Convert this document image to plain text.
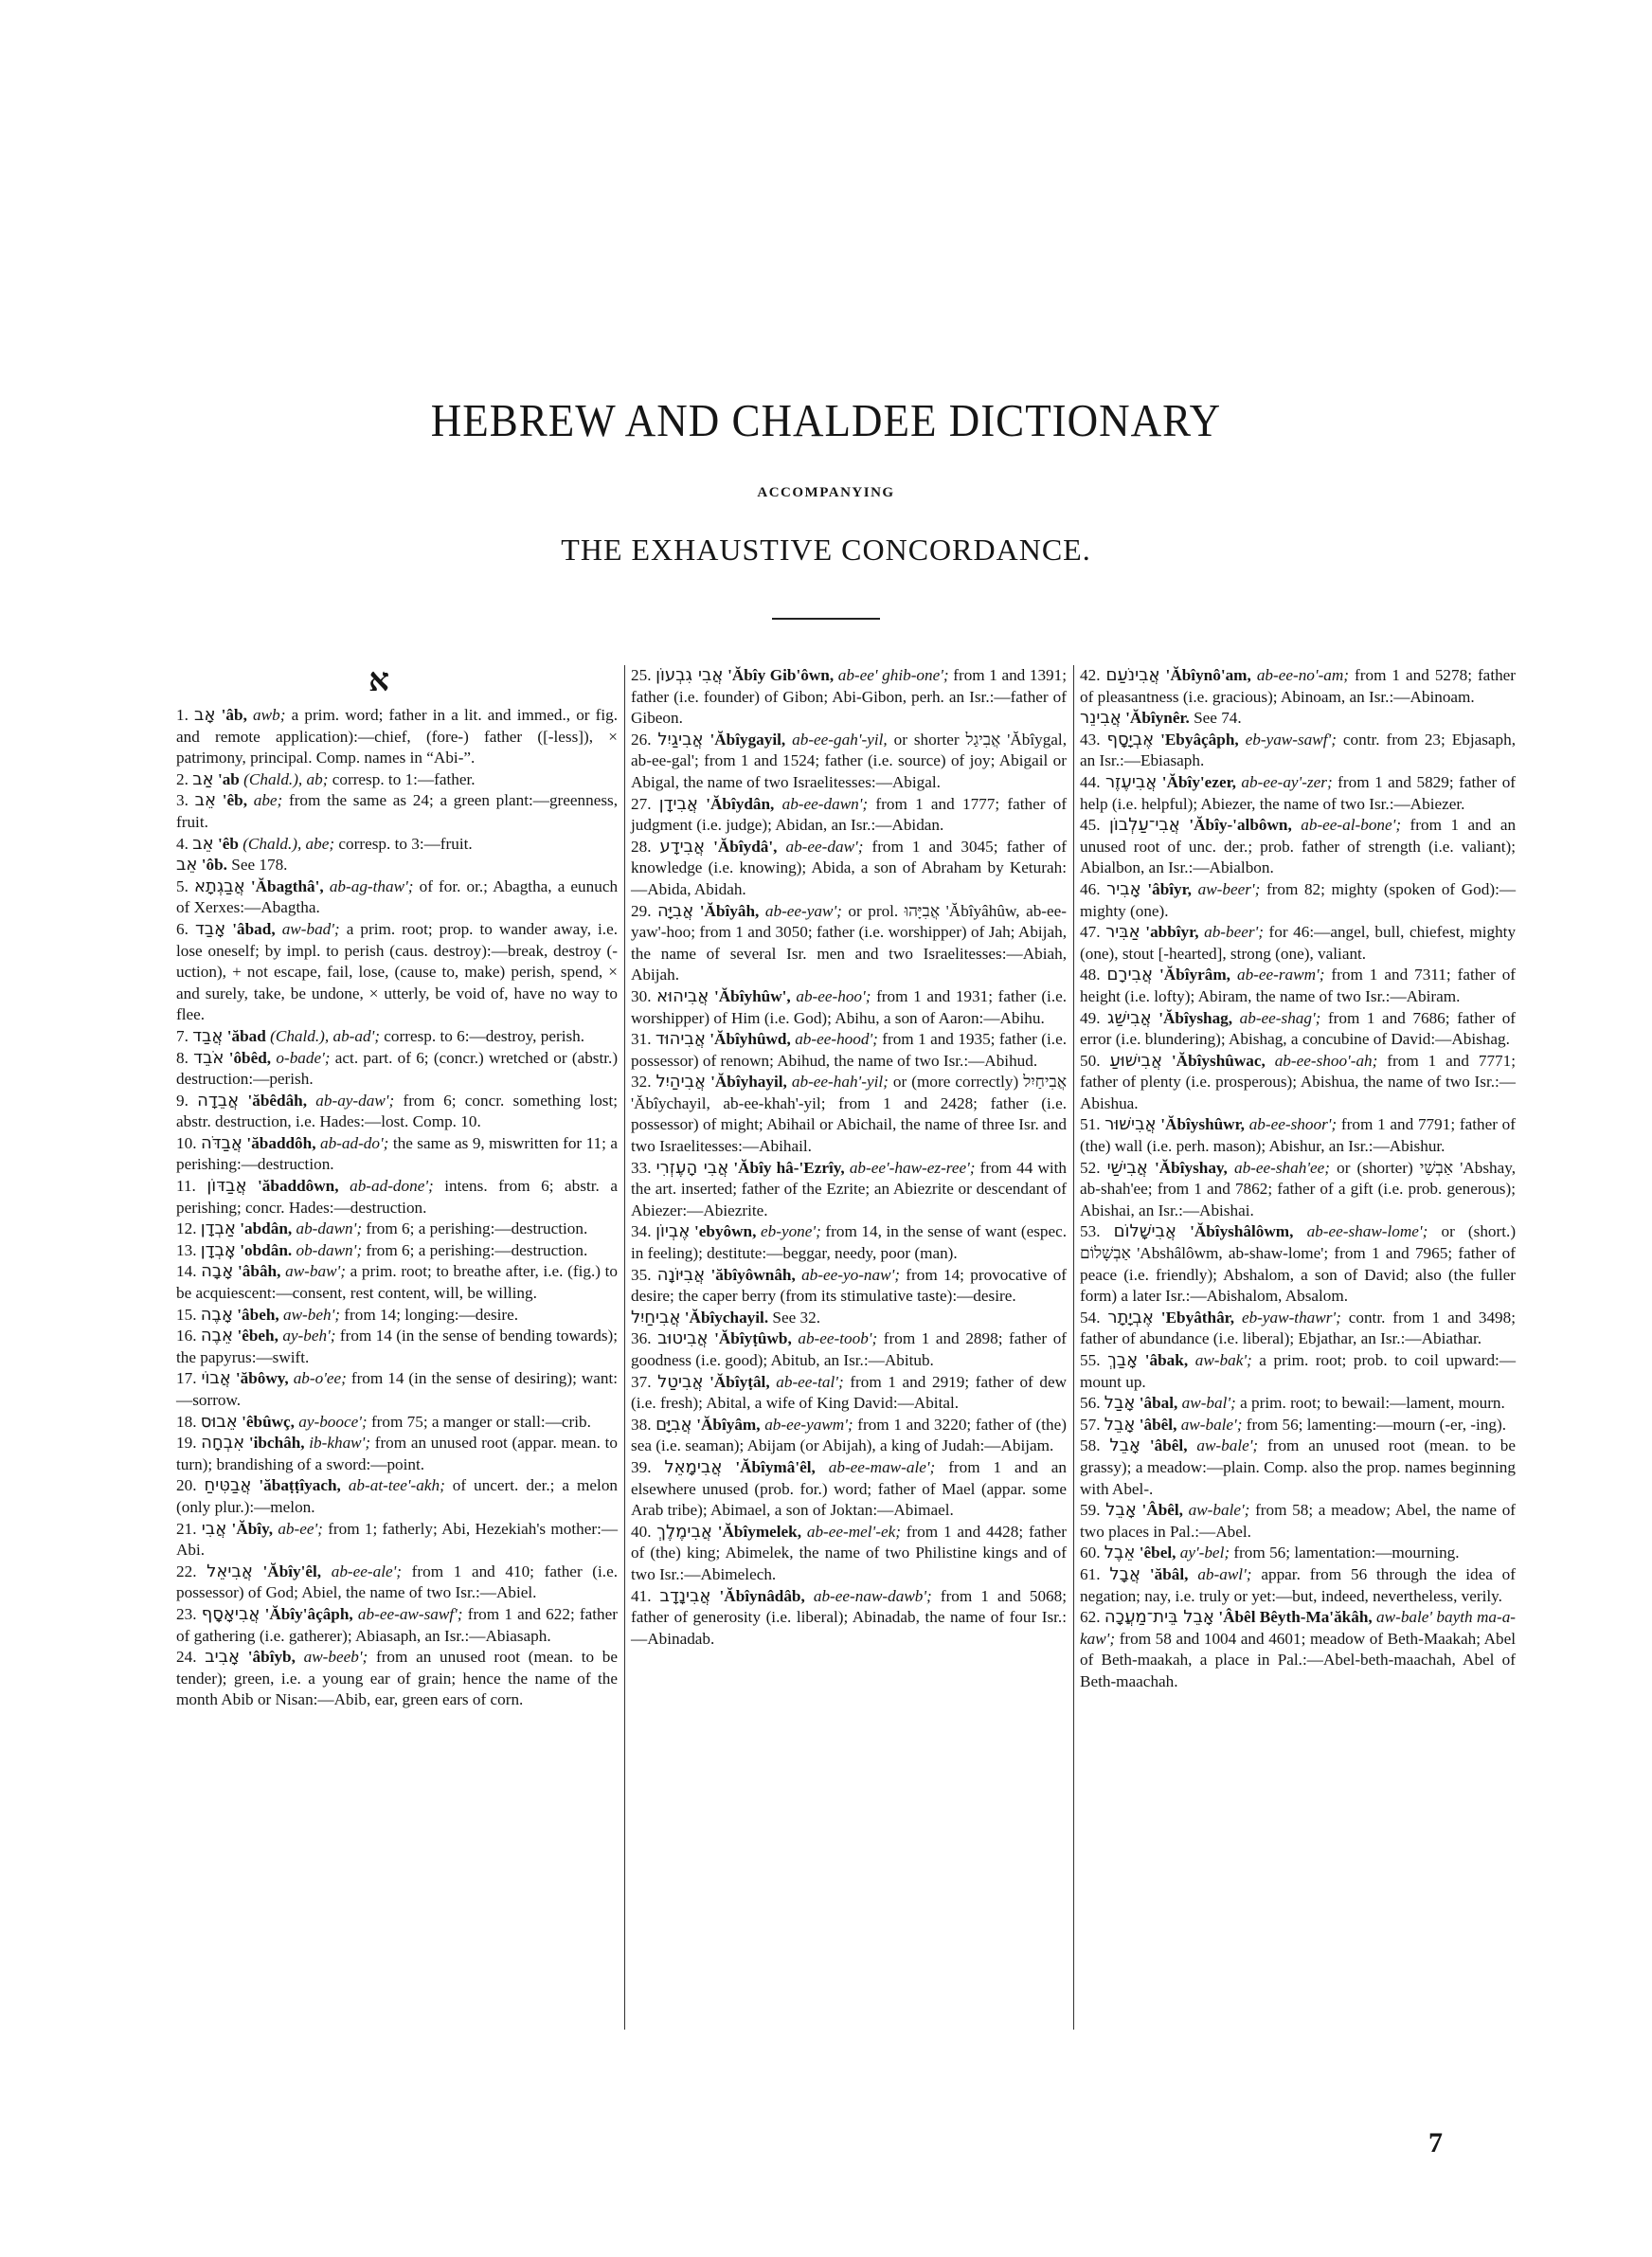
HEBREW AND CHALDEE DICTIONARY
ACCOMPANYING
THE EXHAUSTIVE CONCORDANCE.
א

1. אָב 'âb, awb; a prim. word; father in a lit. and immed., or fig. and remote application):—chief, (fore-) father ([-less]), × patrimony, principal. Comp. names in “Abi-”.

2. אַב 'ab (Chald.), ab; corresp. to 1:—father.

3. אֵב 'êb, abe; from the same as 24; a green plant:—greenness, fruit.

4. אֵב 'êb (Chald.), abe; corresp. to 3:—fruit.

אֵב 'ôb. See 178.

5. אֲבַגְתָא 'Ăbagthâ', ab-ag-thaw'; of for. or.; Abagtha, a eunuch of Xerxes:—Abagtha.

6. אָבַד 'âbad, aw-bad'; a prim. root; prop. to wander away, i.e. lose oneself; by impl. to perish (caus. destroy):—break, destroy (-uction), + not escape, fail, lose, (cause to, make) perish, spend, × and surely, take, be undone, × utterly, be void of, have no way to flee.

7. אֲבַד 'ăbad (Chald.), ab-ad'; corresp. to 6:—destroy, perish.

8. אֹבֵד 'ôbêd, o-bade'; act. part. of 6; (concr.) wretched or (abstr.) destruction:—perish.

9. אֲבֵדָה 'ăbêdâh, ab-ay-daw'; from 6; concr. something lost; abstr. destruction, i.e. Hades:—lost. Comp. 10.

10. אֲבַדֹּה 'ăbaddôh, ab-ad-do'; the same as 9, miswritten for 11; a perishing:—destruction.

11. אֲבַדּוֹן 'ăbaddôwn, ab-ad-done'; intens. from 6; abstr. a perishing; concr. Hades:—destruction.

12. אַבְדָן 'abdân, ab-dawn'; from 6; a perishing:—destruction.

13. אׇבְדָן 'obdân. ob-dawn'; from 6; a perishing:—destruction.

14. אָבָה 'âbâh, aw-baw'; a prim. root; to breathe after, i.e. (fig.) to be acquiescent:—consent, rest content, will, be willing.

15. אָבֶה 'âbeh, aw-beh'; from 14; longing:—desire.

16. אֵבֶה 'êbeh, ay-beh'; from 14 (in the sense of bending towards); the papyrus:—swift.

17. אֲבוֹי 'ăbôwy, ab-o'ee; from 14 (in the sense of desiring); want:—sorrow.

18. אֵבוּס 'êbûwç, ay-booce'; from 75; a manger or stall:—crib.

19. אִבְחָה 'ibchâh, ib-khaw'; from an unused root (appar. mean. to turn); brandishing of a sword:—point.

20. אֲבַטִּיחַ 'ăbaṭṭîyach, ab-at-tee'-akh; of uncert. der.; a melon (only plur.):—melon.

21. אֲבִי 'Ăbîy, ab-ee'; from 1; fatherly; Abi, Hezekiah's mother:—Abi.

22. אֲבִיאֵל 'Ăbîy'êl, ab-ee-ale'; from 1 and 410; father (i.e. possessor) of God; Abiel, the name of two Isr.:—Abiel.

23. אֲבִיאָסָף 'Ăbîy'âçâph, ab-ee-aw-sawf'; from 1 and 622; father of gathering (i.e. gatherer); Abiasaph, an Isr.:—Abiasaph.

24. אָבִיב 'âbîyb, aw-beeb'; from an unused root (mean. to be tender); green, i.e. a young ear of grain; hence the name of the month Abib or Nisan:—Abib, ear, green ears of corn.

25. אֲבִי גִבְעוֹן 'Ăbîy Gib'ôwn, ab-ee' ghib-one'; from 1 and 1391; father (i.e. founder) of Gibon; Abi-Gibon, perh. an Isr.:—father of Gibeon.

26. אֲבִיגַיִל 'Ăbîygayil, ab-ee-gah'-yil, or shorter אֲבִיגַל 'Ăbîygal, ab-ee-gal'; from 1 and 1524; father (i.e. source) of joy; Abigail or Abigal, the name of two Israelitesses:—Abigal.

27. אֲבִידָן 'Ăbîydân, ab-ee-dawn'; from 1 and 1777; father of judgment (i.e. judge); Abidan, an Isr.:—Abidan.

28. אֲבִידָע 'Ăbîydâ', ab-ee-daw'; from 1 and 3045; father of knowledge (i.e. knowing); Abida, a son of Abraham by Keturah:—Abida, Abidah.

29. אֲבִיָּה 'Ăbîyâh, ab-ee-yaw'; or prol. אֲבִיָּהוּ 'Ăbîyâhûw, ab-ee-yaw'-hoo; from 1 and 3050; father (i.e. worshipper) of Jah; Abijah, the name of several Isr. men and two Israelitesses:—Abiah, Abijah.

30. אֲבִיהוּא 'Ăbîyhûw', ab-ee-hoo'; from 1 and 1931; father (i.e. worshipper) of Him (i.e. God); Abihu, a son of Aaron:—Abihu.

31. אֲבִיהוּד 'Ăbîyhûwd, ab-ee-hood'; from 1 and 1935; father (i.e. possessor) of renown; Abihud, the name of two Isr.:—Abihud.

32. אֲבִיהַיִל 'Ăbîyhayil, ab-ee-hah'-yil; or (more correctly) אֲבִיחַיִל 'Ăbîychayil, ab-ee-khah'-yil; from 1 and 2428; father (i.e. possessor) of might; Abihail or Abichail, the name of three Isr. and two Israelitesses:—Abihail.

33. אֲבִי הָעֶזְרִי 'Ăbîy hâ-'Ezrîy, ab-ee'-haw-ez-ree'; from 44 with the art. inserted; father of the Ezrite; an Abiezrite or descendant of Abiezer:—Abiezrite.

34. אֶבְיוֹן 'ebyôwn, eb-yone'; from 14, in the sense of want (espec. in feeling); destitute:—beggar, needy, poor (man).

35. אֲבִיּוֹנָה 'ăbîyôwnâh, ab-ee-yo-naw'; from 14; provocative of desire; the caper berry (from its stimulative taste):—desire.

אֲבִיחַיִל 'Ăbîychayil. See 32.

36. אֲבִיטוּב 'Ăbîyṭûwb, ab-ee-toob'; from 1 and 2898; father of goodness (i.e. good); Abitub, an Isr.:—Abitub.

37. אֲבִיטַל 'Ăbîyṭâl, ab-ee-tal'; from 1 and 2919; father of dew (i.e. fresh); Abital, a wife of King David:—Abital.

38. אֲבִיָּם 'Ăbîyâm, ab-ee-yawm'; from 1 and 3220; father of (the) sea (i.e. seaman); Abijam (or Abijah), a king of Judah:—Abijam.

39. אֲבִימָאֵל 'Ăbîymâ'êl, ab-ee-maw-ale'; from 1 and an elsewhere unused (prob. for.) word; father of Mael (appar. some Arab tribe); Abimael, a son of Joktan:—Abimael.

40. אֲבִימֶלֶךְ 'Ăbîymelek, ab-ee-mel'-ek; from 1 and 4428; father of (the) king; Abimelek, the name of two Philistine kings and of two Isr.:—Abimelech.

41. אֲבִינָדָב 'Ăbîynâdâb, ab-ee-naw-dawb'; from 1 and 5068; father of generosity (i.e. liberal); Abinadab, the name of four Isr.:—Abinadab.

42. אֲבִינֹעַם 'Ăbîynô'am, ab-ee-no'-am; from 1 and 5278; father of pleasantness (i.e. gracious); Abinoam, an Isr.:—Abinoam.

אֲבִינֵר 'Ăbîynêr. See 74.

43. אֶבְיָסָף 'Ebyâçâph, eb-yaw-sawf'; contr. from 23; Ebjasaph, an Isr.:—Ebiasaph.

44. אֲבִיעֶזֶר 'Ăbîy'ezer, ab-ee-ay'-zer; from 1 and 5829; father of help (i.e. helpful); Abiezer, the name of two Isr.:—Abiezer.

45. אֲבִי־עַלְבוֹן 'Ăbîy-'albôwn, ab-ee-al-bone'; from 1 and an unused root of unc. der.; prob. father of strength (i.e. valiant); Abialbon, an Isr.:—Abialbon.

46. אָבִיר 'âbîyr, aw-beer'; from 82; mighty (spoken of God):—mighty (one).

47. אַבִּיר 'abbîyr, ab-beer'; for 46:—angel, bull, chiefest, mighty (one), stout [-hearted], strong (one), valiant.

48. אֲבִירָם 'Ăbîyrâm, ab-ee-rawm'; from 1 and 7311; father of height (i.e. lofty); Abiram, the name of two Isr.:—Abiram.

49. אֲבִישַׁג 'Ăbîyshag, ab-ee-shag'; from 1 and 7686; father of error (i.e. blundering); Abishag, a concubine of David:—Abishag.

50. אֲבִישׁוּעַ 'Ăbîyshûwac, ab-ee-shoo'-ah; from 1 and 7771; father of plenty (i.e. prosperous); Abishua, the name of two Isr.:—Abishua.

51. אֲבִישׁוּר 'Ăbîyshûwr, ab-ee-shoor'; from 1 and 7791; father of (the) wall (i.e. perh. mason); Abishur, an Isr.:—Abishur.

52. אֲבִישַׁי 'Ăbîyshay, ab-ee-shah'ee; or (shorter) אַבְשַׁי 'Abshay, ab-shah'ee; from 1 and 7862; father of a gift (i.e. prob. generous); Abishai, an Isr.:—Abishai.

53. אֲבִישָׁלוֹם 'Ăbîyshâlôwm, ab-ee-shaw-lome'; or (short.) אַבְשָׁלוֹם 'Abshâlôwm, ab-shaw-lome'; from 1 and 7965; father of peace (i.e. friendly); Abshalom, a son of David; also (the fuller form) a later Isr.:—Abishalom, Absalom.

54. אֶבְיָתָר 'Ebyâthâr, eb-yaw-thawr'; contr. from 1 and 3498; father of abundance (i.e. liberal); Ebjathar, an Isr.:—Abiathar.

55. אָבַךְ 'âbak, aw-bak'; a prim. root; prob. to coil upward:—mount up.

56. אָבַל 'âbal, aw-bal'; a prim. root; to bewail:—lament, mourn.

57. אָבֵל 'âbêl, aw-bale'; from 56; lamenting:—mourn (-er, -ing).

58. אָבֵל 'âbêl, aw-bale'; from an unused root (mean. to be grassy); a meadow:—plain. Comp. also the prop. names beginning with Abel-.

59. אָבֵל 'Âbêl, aw-bale'; from 58; a meadow; Abel, the name of two places in Pal.:—Abel.

60. אֵבֶל 'êbel, ay'-bel; from 56; lamentation:—mourning.

61. אֲבָל 'ăbâl, ab-awl'; appar. from 56 through the idea of negation; nay, i.e. truly or yet:—but, indeed, nevertheless, verily.

62. אָבֵל בֵּית־מַעֲכָה 'Âbêl Bêyth-Ma'ăkâh, aw-bale' bayth ma-a-kaw'; from 58 and 1004 and 4601; meadow of Beth-Maakah; Abel of Beth-maakah, a place in Pal.:—Abel-beth-maachah, Abel of Beth-maachah.

7
